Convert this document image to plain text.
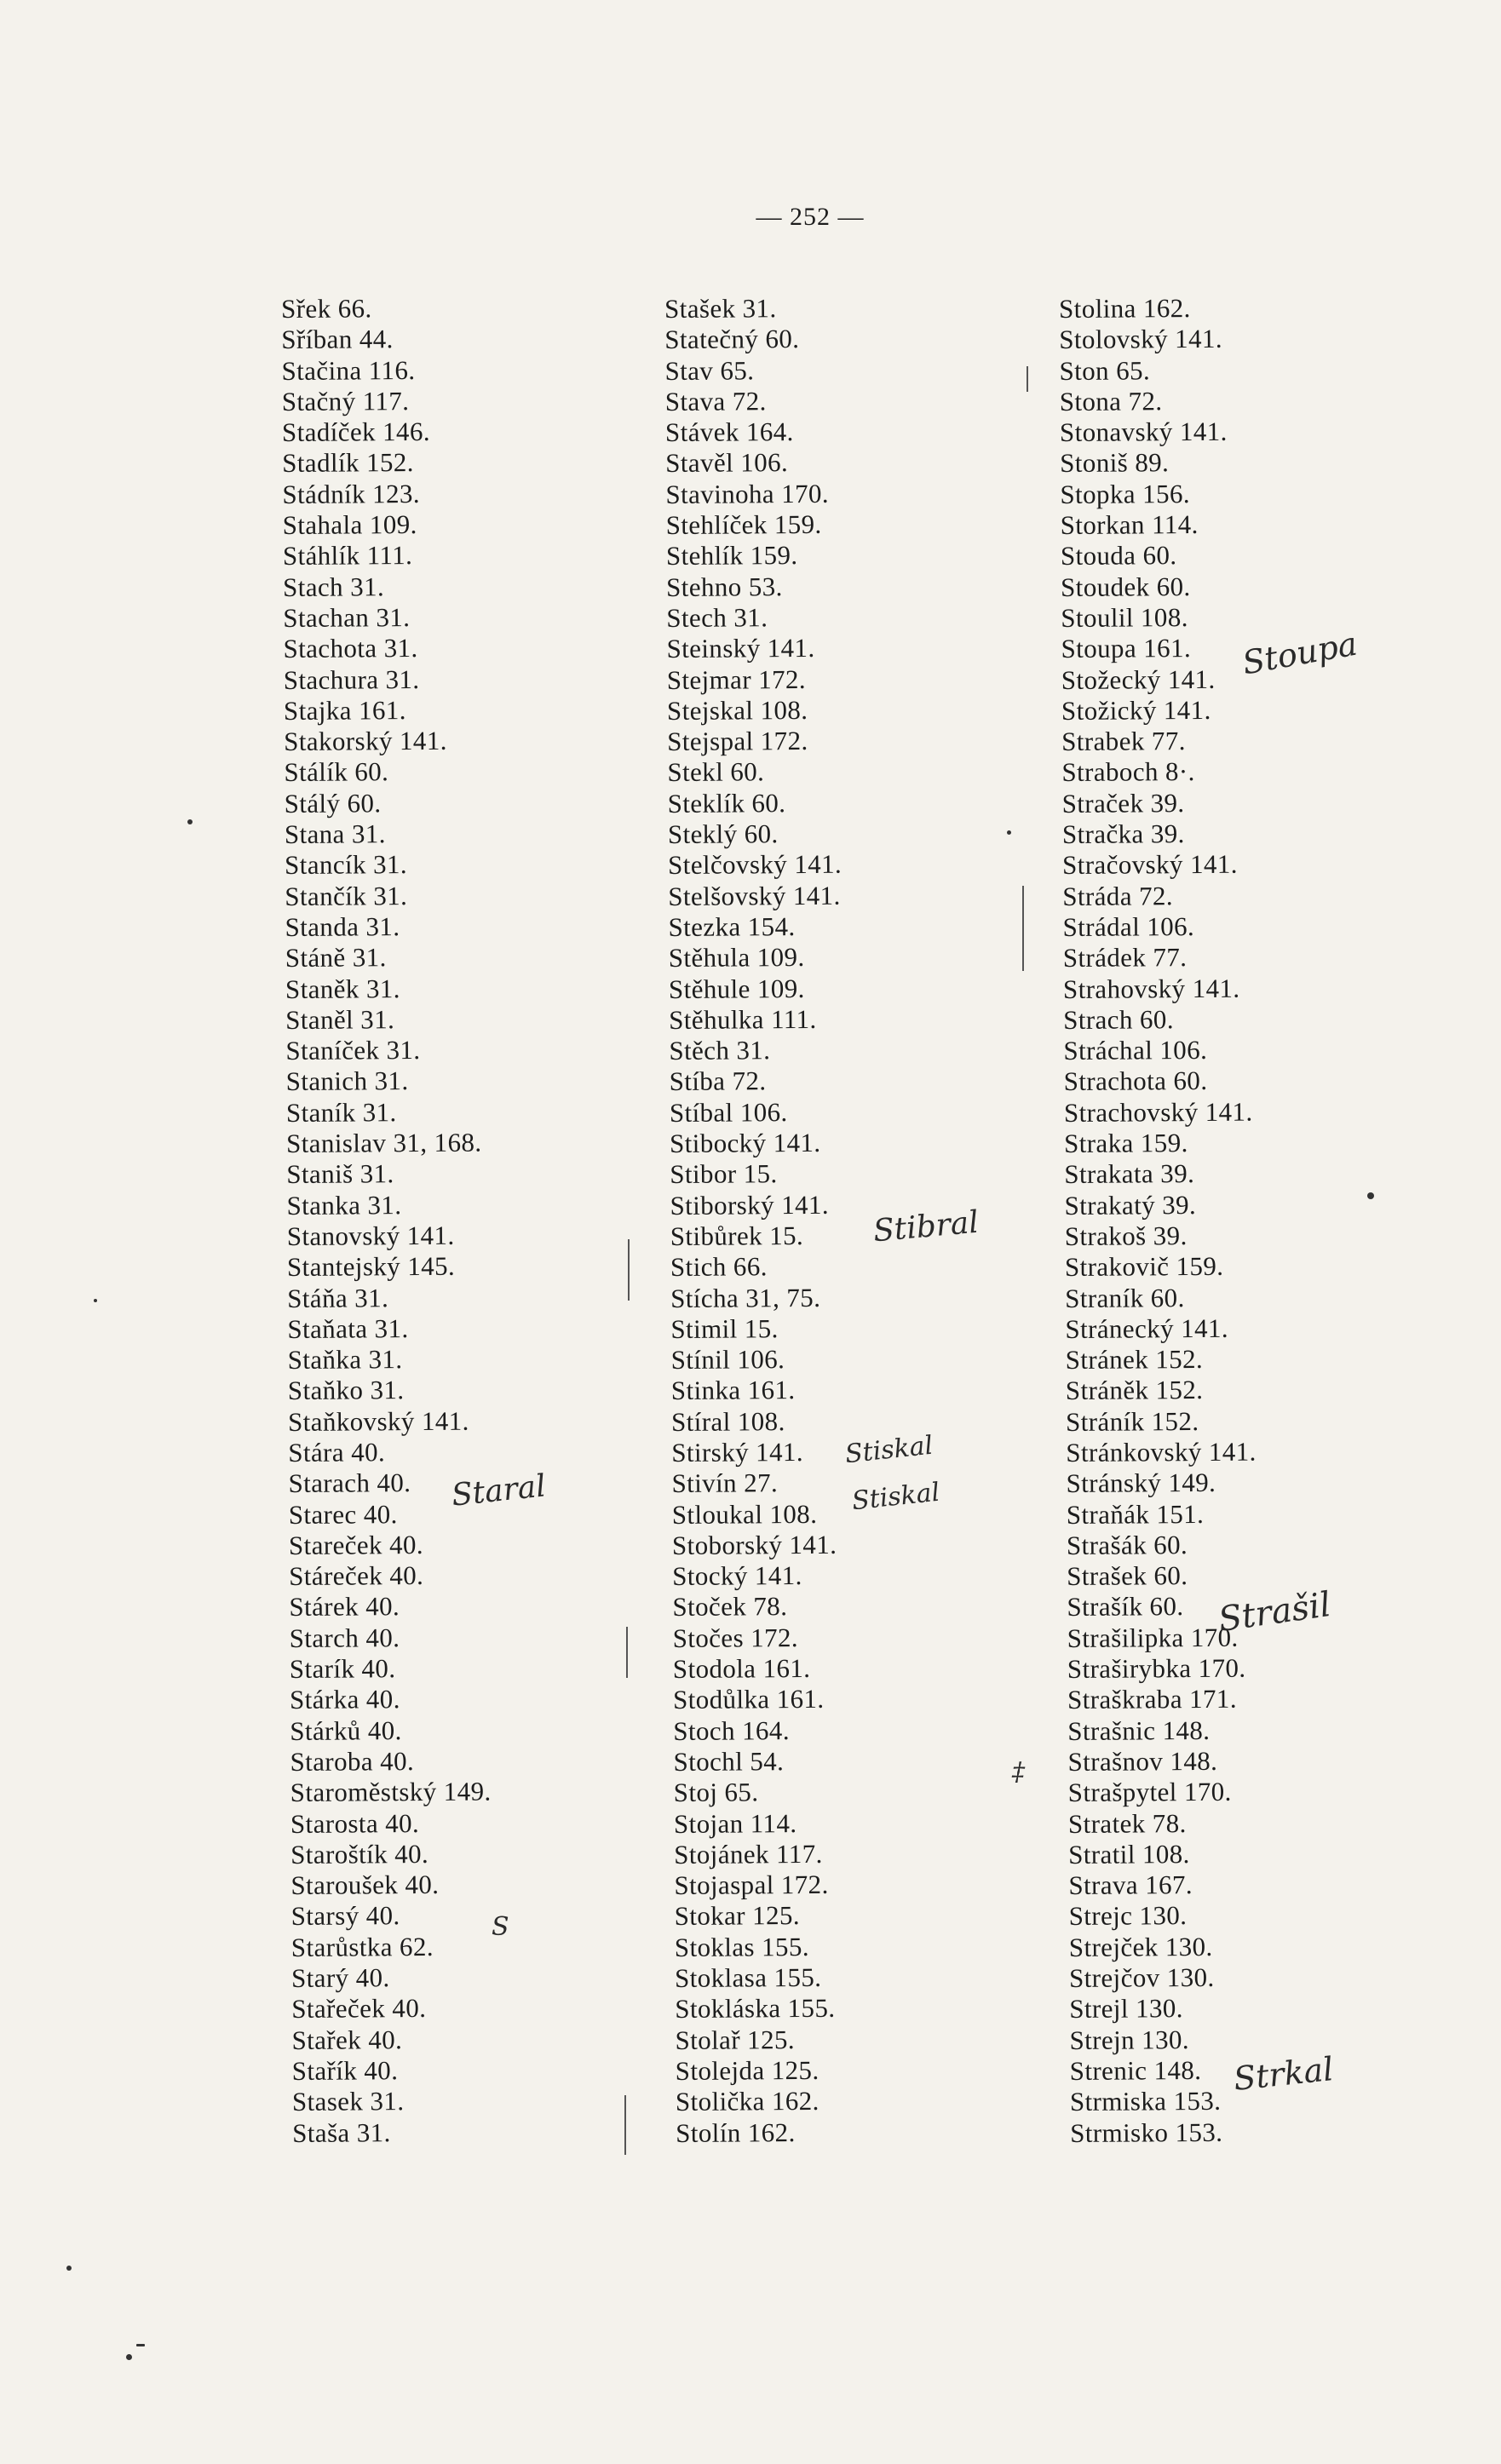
— 252 —
Sřek 66.
Sříban 44.
Stačina 116.
Stačný 117.
Stadíček 146.
Stadlík 152.
Stádník 123.
Stahala 109.
Stáhlík 111.
Stach 31.
Stachan 31.
Stachota 31.
Stachura 31.
Stajka 161.
Stakorský 141.
Stálík 60.
Stálý 60.
Stana 31.
Stancík 31.
Stančík 31.
Standa 31.
Stáně 31.
Staněk 31.
Staněl 31.
Staníček 31.
Stanich 31.
Staník 31.
Stanislav 31, 168.
Staniš 31.
Stanka 31.
Stanovský 141.
Stantejský 145.
Stáňa 31.
Staňata 31.
Staňka 31.
Staňko 31.
Staňkovský 141.
Stára 40.
Starach 40.
Starec 40.
Stareček 40.
Stáreček 40.
Stárek 40.
Starch 40.
Starík 40.
Stárka 40.
Stárků 40.
Staroba 40.
Staroměstský 149.
Starosta 40.
Staroštík 40.
Staroušek 40.
Starsý 40.
Starůstka 62.
Starý 40.
Stařeček 40.
Stařek 40.
Stařík 40.
Stasek 31.
Staša 31.
Stašek 31.
Statečný 60.
Stav 65.
Stava 72.
Stávek 164.
Stavěl 106.
Stavinoha 170.
Stehlíček 159.
Stehlík 159.
Stehno 53.
Stech 31.
Steinský 141.
Stejmar 172.
Stejskal 108.
Stejspal 172.
Stekl 60.
Steklík 60.
Steklý 60.
Stelčovský 141.
Stelšovský 141.
Stezka 154.
Stěhula 109.
Stěhule 109.
Stěhulka 111.
Stěch 31.
Stíba 72.
Stíbal 106.
Stibocký 141.
Stibor 15.
Stiborský 141.
Stibůrek 15.
Stich 66.
Stícha 31, 75.
Stimil 15.
Stínil 106.
Stinka 161.
Stíral 108.
Stirský 141.
Stivín 27.
Stloukal 108.
Stoborský 141.
Stocký 141.
Stoček 78.
Stočes 172.
Stodola 161.
Stodůlka 161.
Stoch 164.
Stochl 54.
Stoj 65.
Stojan 114.
Stojánek 117.
Stojaspal 172.
Stokar 125.
Stoklas 155.
Stoklasa 155.
Stokláska 155.
Stolař 125.
Stolejda 125.
Stolička 162.
Stolín 162.
Stolina 162.
Stolovský 141.
Ston 65.
Stona 72.
Stonavský 141.
Stoniš 89.
Stopka 156.
Storkan 114.
Stouda 60.
Stoudek 60.
Stoulil 108.
Stoupa 161.
Stožecký 141.
Stožický 141.
Strabek 77.
Straboch 8·.
Straček 39.
Stračka 39.
Stračovský 141.
Stráda 72.
Strádal 106.
Strádek 77.
Strahovský 141.
Strach 60.
Stráchal 106.
Strachota 60.
Strachovský 141.
Straka 159.
Strakata 39.
Strakatý 39.
Strakoš 39.
Strakovič 159.
Straník 60.
Stránecký 141.
Stránek 152.
Stráněk 152.
Stráník 152.
Stránkovský 141.
Stránský 149.
Straňák 151.
Strašák 60.
Strašek 60.
Strašík 60.
Strašilipka 170.
Straširybka 170.
Straškraba 171.
Strašnic 148.
Strašnov 148.
Strašpytel 170.
Stratek 78.
Stratil 108.
Strava 167.
Strejc 130.
Strejček 130.
Strejčov 130.
Strejl 130.
Strejn 130.
Strenic 148.
Strmiska 153.
Strmisko 153.
Staral
Stibral
Stiskal
Stiskal
Stoupa
Strašil
Strkal
S
‡
